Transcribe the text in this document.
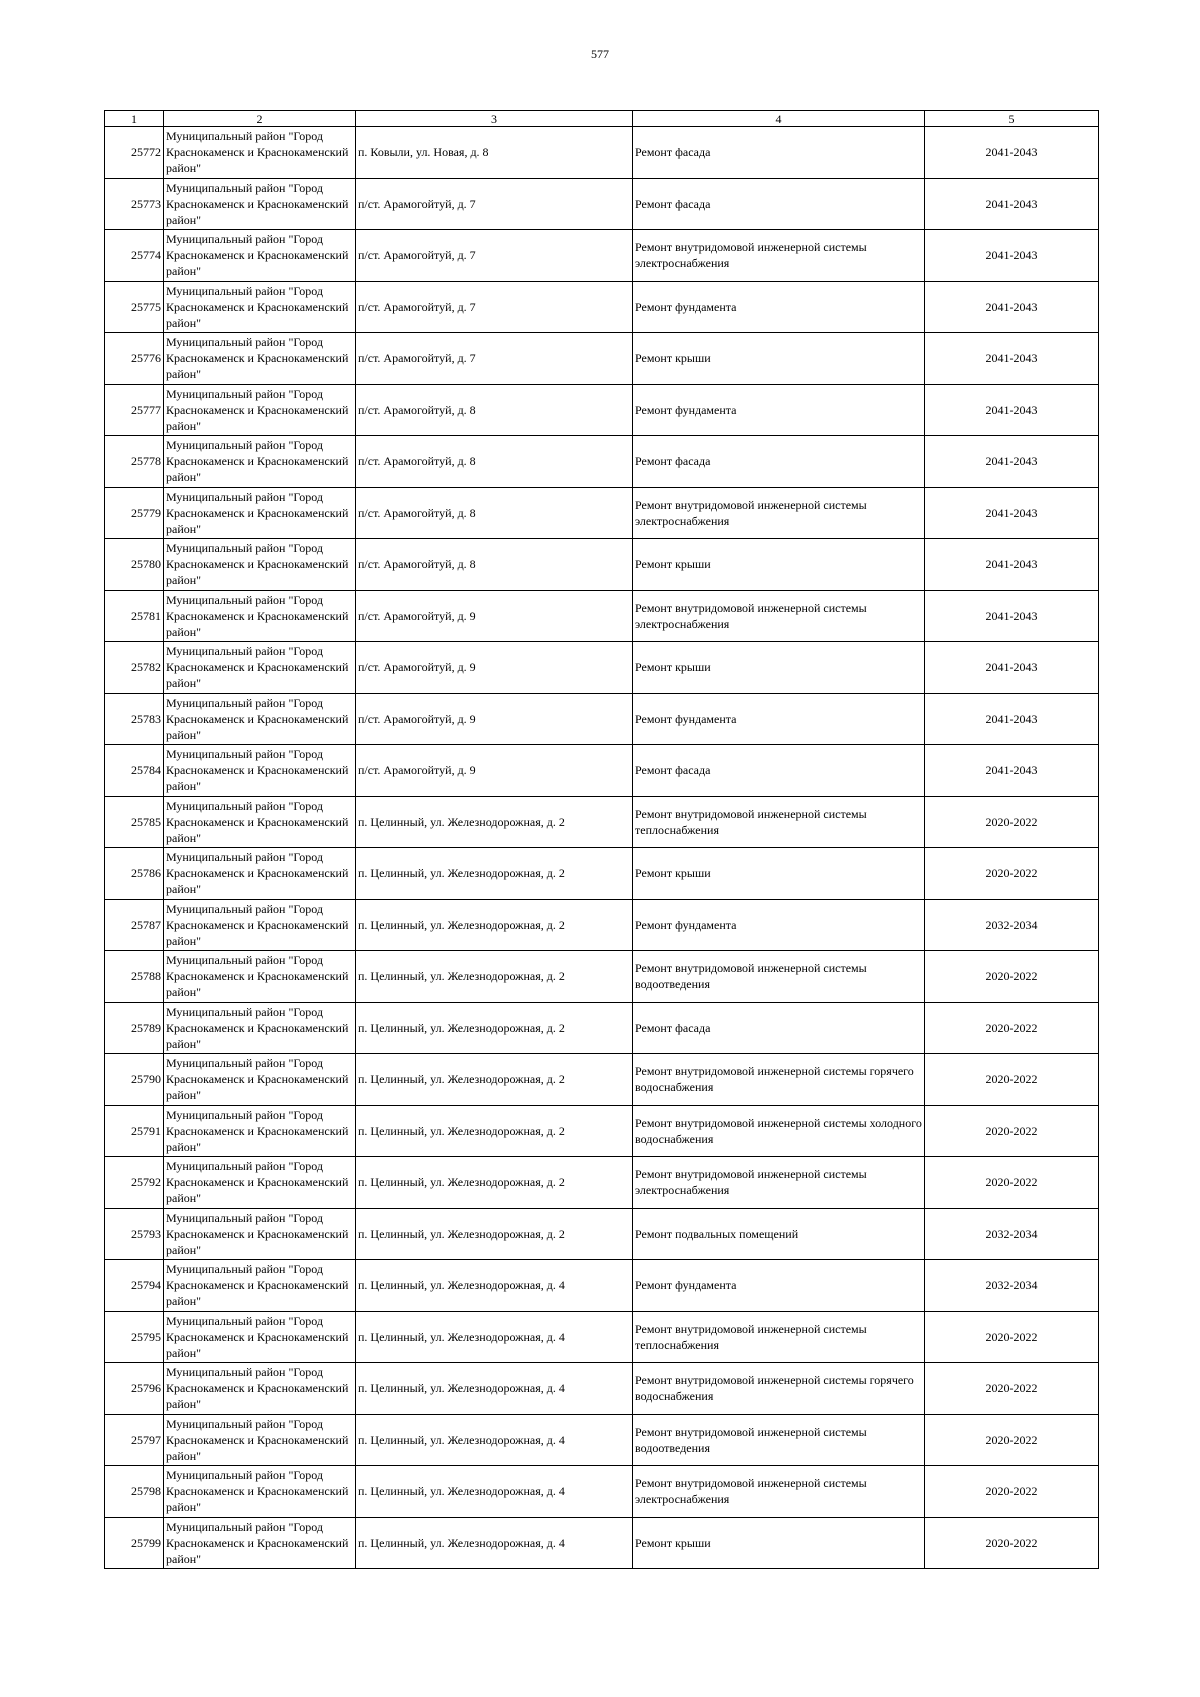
577
1	2	3	4	5
25772	Муниципальный район "Город Краснокаменск и Краснокаменский район"	п. Ковыли, ул. Новая, д. 8	Ремонт фасада	2041-2043
25773	Муниципальный район "Город Краснокаменск и Краснокаменский район"	п/ст. Арамогойтуй, д. 7	Ремонт фасада	2041-2043
25774	Муниципальный район "Город Краснокаменск и Краснокаменский район"	п/ст. Арамогойтуй, д. 7	Ремонт внутридомовой инженерной системы электроснабжения	2041-2043
25775	Муниципальный район "Город Краснокаменск и Краснокаменский район"	п/ст. Арамогойтуй, д. 7	Ремонт фундамента	2041-2043
25776	Муниципальный район "Город Краснокаменск и Краснокаменский район"	п/ст. Арамогойтуй, д. 7	Ремонт крыши	2041-2043
25777	Муниципальный район "Город Краснокаменск и Краснокаменский район"	п/ст. Арамогойтуй, д. 8	Ремонт фундамента	2041-2043
25778	Муниципальный район "Город Краснокаменск и Краснокаменский район"	п/ст. Арамогойтуй, д. 8	Ремонт фасада	2041-2043
25779	Муниципальный район "Город Краснокаменск и Краснокаменский район"	п/ст. Арамогойтуй, д. 8	Ремонт внутридомовой инженерной системы электроснабжения	2041-2043
25780	Муниципальный район "Город Краснокаменск и Краснокаменский район"	п/ст. Арамогойтуй, д. 8	Ремонт крыши	2041-2043
25781	Муниципальный район "Город Краснокаменск и Краснокаменский район"	п/ст. Арамогойтуй, д. 9	Ремонт внутридомовой инженерной системы электроснабжения	2041-2043
25782	Муниципальный район "Город Краснокаменск и Краснокаменский район"	п/ст. Арамогойтуй, д. 9	Ремонт крыши	2041-2043
25783	Муниципальный район "Город Краснокаменск и Краснокаменский район"	п/ст. Арамогойтуй, д. 9	Ремонт фундамента	2041-2043
25784	Муниципальный район "Город Краснокаменск и Краснокаменский район"	п/ст. Арамогойтуй, д. 9	Ремонт фасада	2041-2043
25785	Муниципальный район "Город Краснокаменск и Краснокаменский район"	п. Целинный, ул. Железнодорожная, д. 2	Ремонт внутридомовой инженерной системы теплоснабжения	2020-2022
25786	Муниципальный район "Город Краснокаменск и Краснокаменский район"	п. Целинный, ул. Железнодорожная, д. 2	Ремонт крыши	2020-2022
25787	Муниципальный район "Город Краснокаменск и Краснокаменский район"	п. Целинный, ул. Железнодорожная, д. 2	Ремонт фундамента	2032-2034
25788	Муниципальный район "Город Краснокаменск и Краснокаменский район"	п. Целинный, ул. Железнодорожная, д. 2	Ремонт внутридомовой инженерной системы водоотведения	2020-2022
25789	Муниципальный район "Город Краснокаменск и Краснокаменский район"	п. Целинный, ул. Железнодорожная, д. 2	Ремонт фасада	2020-2022
25790	Муниципальный район "Город Краснокаменск и Краснокаменский район"	п. Целинный, ул. Железнодорожная, д. 2	Ремонт внутридомовой инженерной системы горячего водоснабжения	2020-2022
25791	Муниципальный район "Город Краснокаменск и Краснокаменский район"	п. Целинный, ул. Железнодорожная, д. 2	Ремонт внутридомовой инженерной системы холодного водоснабжения	2020-2022
25792	Муниципальный район "Город Краснокаменск и Краснокаменский район"	п. Целинный, ул. Железнодорожная, д. 2	Ремонт внутридомовой инженерной системы электроснабжения	2020-2022
25793	Муниципальный район "Город Краснокаменск и Краснокаменский район"	п. Целинный, ул. Железнодорожная, д. 2	Ремонт подвальных помещений	2032-2034
25794	Муниципальный район "Город Краснокаменск и Краснокаменский район"	п. Целинный, ул. Железнодорожная, д. 4	Ремонт фундамента	2032-2034
25795	Муниципальный район "Город Краснокаменск и Краснокаменский район"	п. Целинный, ул. Железнодорожная, д. 4	Ремонт внутридомовой инженерной системы теплоснабжения	2020-2022
25796	Муниципальный район "Город Краснокаменск и Краснокаменский район"	п. Целинный, ул. Железнодорожная, д. 4	Ремонт внутридомовой инженерной системы горячего водоснабжения	2020-2022
25797	Муниципальный район "Город Краснокаменск и Краснокаменский район"	п. Целинный, ул. Железнодорожная, д. 4	Ремонт внутридомовой инженерной системы водоотведения	2020-2022
25798	Муниципальный район "Город Краснокаменск и Краснокаменский район"	п. Целинный, ул. Железнодорожная, д. 4	Ремонт внутридомовой инженерной системы электроснабжения	2020-2022
25799	Муниципальный район "Город Краснокаменск и Краснокаменский район"	п. Целинный, ул. Железнодорожная, д. 4	Ремонт крыши	2020-2022
